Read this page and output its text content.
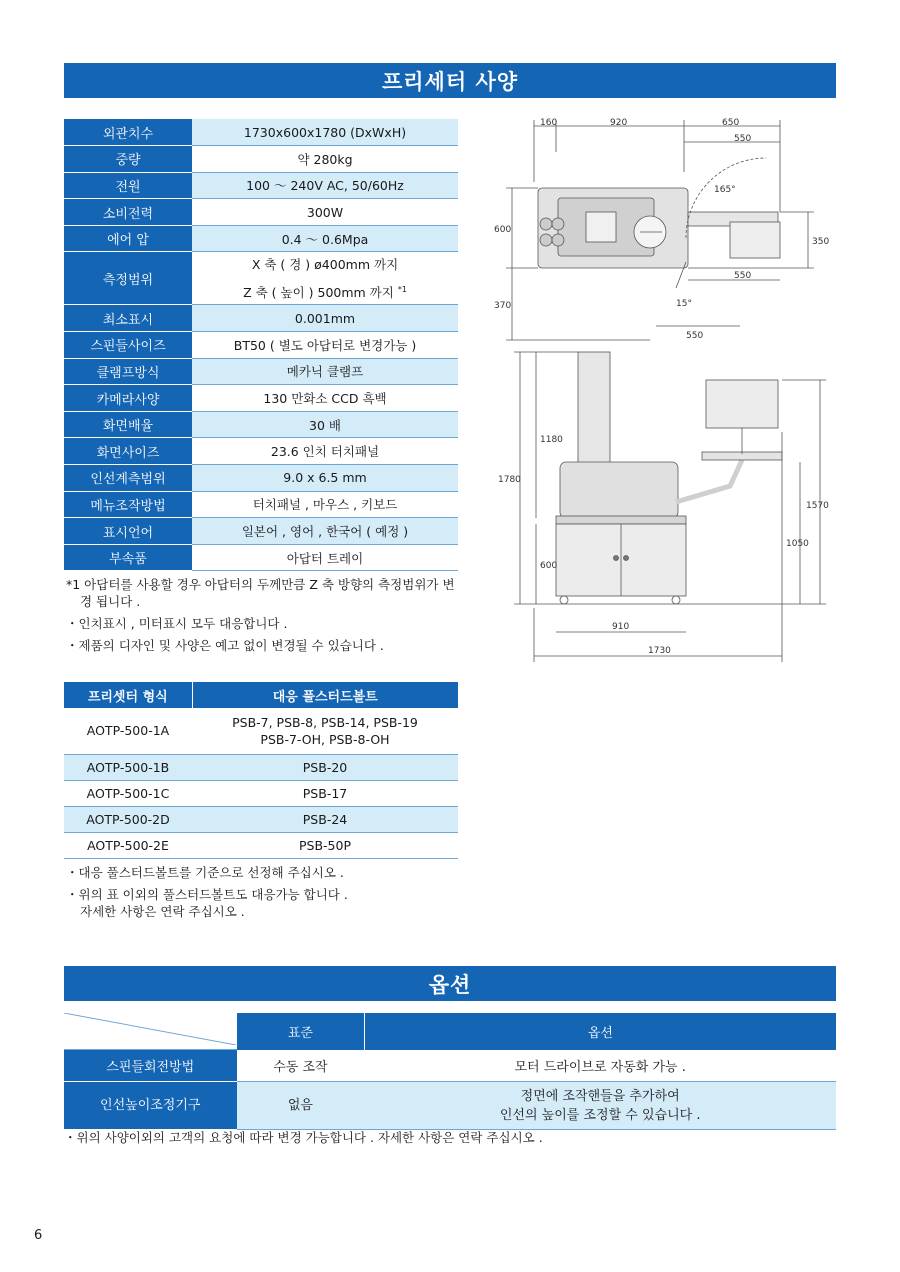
프리세터 사양
외관치수	1730x600x1780 (DxWxH)
중량	약 280kg
전원	100 ～ 240V AC, 50/60Hz
소비전력	300W
에어 압	0.4 ～ 0.6Mpa
측정범위	X 축 ( 경 ) ø400mm 까지
Z 축 ( 높이 ) 500mm 까지 $^{*1}$

최소표시	0.001mm
스핀들사이즈	BT50 ( 별도 아답터로 변경가능 )
클램프방식	메카닉 클램프
카메라사양	130 만화소 CCD 흑백
화면배율	30 배
화면사이즈	23.6 인치 터치패널
인선계측범위	9.0 x 6.5 mm
메뉴조작방법	터치패널 , 마우스 , 키보드
표시언어	일본어 , 영어 , 한국어 ( 예정 )
부속품	아답터 트레이
*1 아답터를 사용할 경우 아답터의 두께만큼 Z 축 방향의 측정범위가 변
경 됩니다 .
・인치표시 , 미터표시 모두 대응합니다 .
・제품의 디자인 및 사양은 예고 없이 변경될 수 있습니다 .
프리셋터 형식	대응 풀스터드볼트
AOTP-500-1A	PSB-7, PSB-8, PSB-14, PSB-19
PSB-7-OH, PSB-8-OH

AOTP-500-1B	PSB-20
AOTP-500-1C	PSB-17
AOTP-500-2D	PSB-24
AOTP-500-2E	PSB-50P
・대응 풀스터드볼트를 기준으로 선정해 주십시오 .
・위의 표 이외의 풀스터드볼트도 대응가능 합니다 .
자세한 사항은 연락 주십시오 .
160	920	650
550
165°
600
350
550
370	15°
550
1780
1180
600
1050
1570
910
1730
옵션
	표준	옵션
스핀들회전방법	수동 조작	모터 드라이브로 자동화 가능 .
인선높이조정기구	없음	정면에 조작핸들을 추가하여
인선의 높이를 조정할 수 있습니다 .
・위의 사양이외의 고객의 요청에 따라 변경 가능합니다 . 자세한 사항은 연락 주십시오 .
6
